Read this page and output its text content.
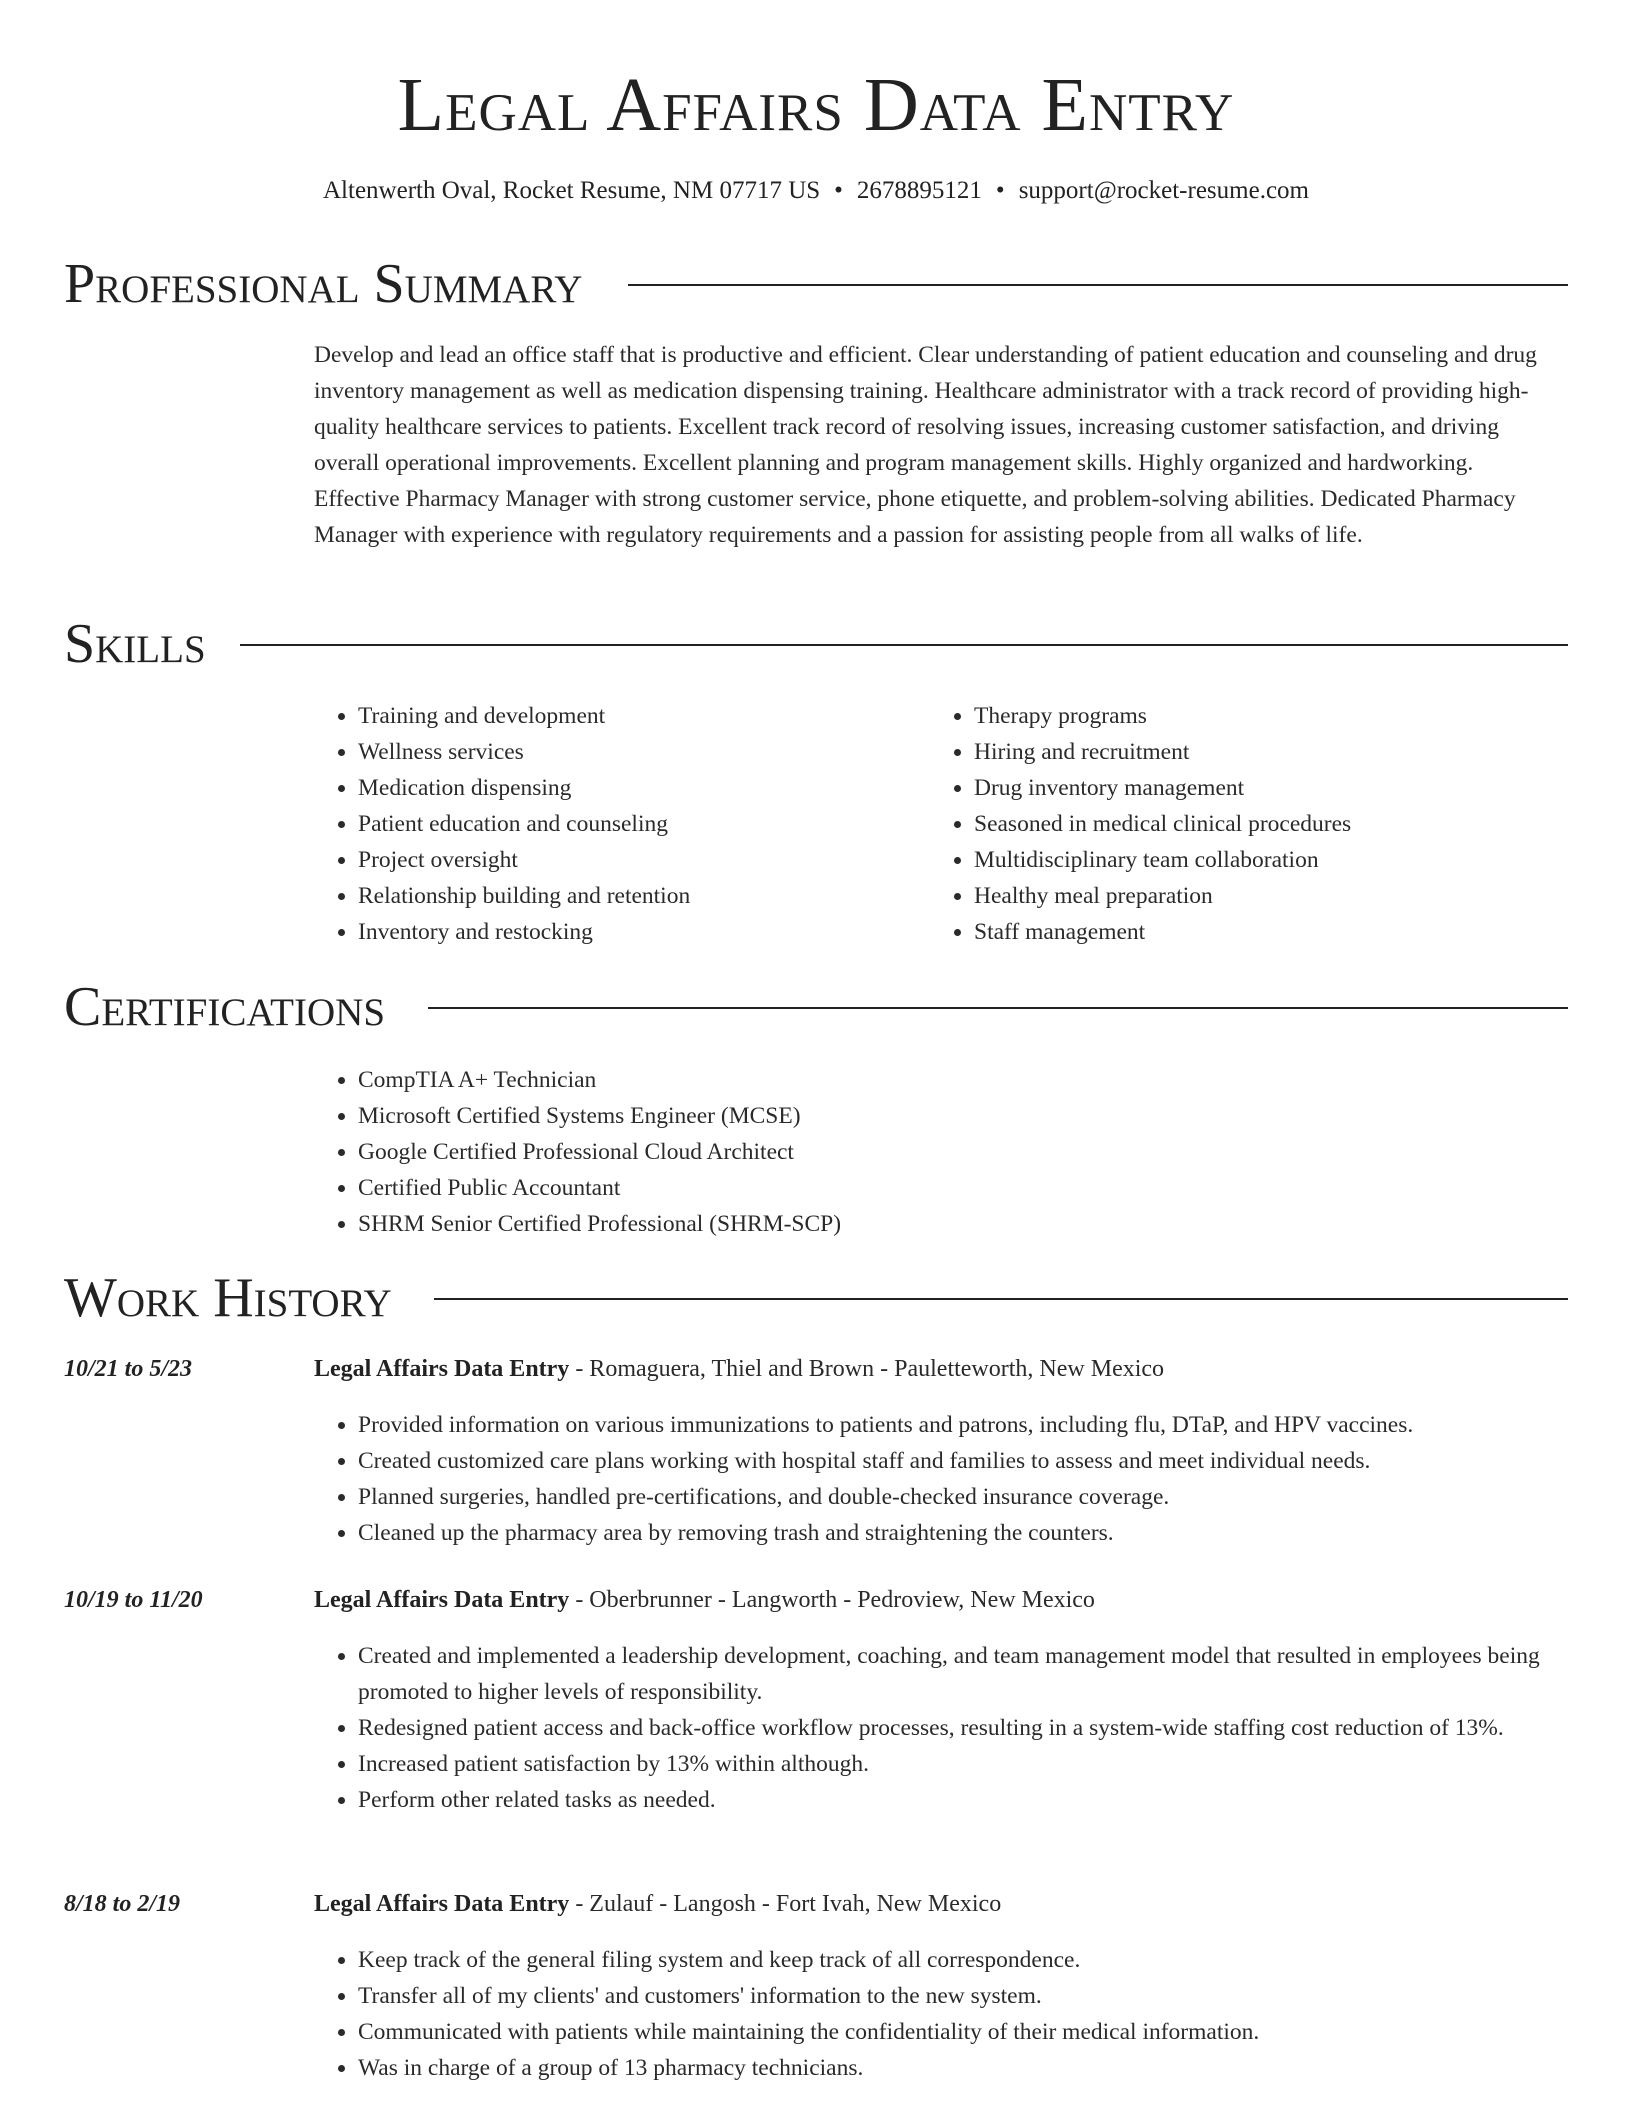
Legal Affairs Data Entry
Altenwerth Oval, Rocket Resume, NM 07717 US • 2678895121 • support@rocket-resume.com
Professional Summary
Develop and lead an office staff that is productive and efficient. Clear understanding of patient education and counseling and drug inventory management as well as medication dispensing training. Healthcare administrator with a track record of providing high-quality healthcare services to patients. Excellent track record of resolving issues, increasing customer satisfaction, and driving overall operational improvements. Excellent planning and program management skills. Highly organized and hardworking. Effective Pharmacy Manager with strong customer service, phone etiquette, and problem-solving abilities. Dedicated Pharmacy Manager with experience with regulatory requirements and a passion for assisting people from all walks of life.
Skills
• Training and development
• Wellness services
• Medication dispensing
• Patient education and counseling
• Project oversight
• Relationship building and retention
• Inventory and restocking
• Therapy programs
• Hiring and recruitment
• Drug inventory management
• Seasoned in medical clinical procedures
• Multidisciplinary team collaboration
• Healthy meal preparation
• Staff management
Certifications
• CompTIA A+ Technician
• Microsoft Certified Systems Engineer (MCSE)
• Google Certified Professional Cloud Architect
• Certified Public Accountant
• SHRM Senior Certified Professional (SHRM-SCP)
Work History
10/21 to 5/23	Legal Affairs Data Entry - Romaguera, Thiel and Brown - Pauletteworth, New Mexico
• Provided information on various immunizations to patients and patrons, including flu, DTaP, and HPV vaccines.
• Created customized care plans working with hospital staff and families to assess and meet individual needs.
• Planned surgeries, handled pre-certifications, and double-checked insurance coverage.
• Cleaned up the pharmacy area by removing trash and straightening the counters.
10/19 to 11/20	Legal Affairs Data Entry - Oberbrunner - Langworth - Pedroview, New Mexico
• Created and implemented a leadership development, coaching, and team management model that resulted in employees being promoted to higher levels of responsibility.
• Redesigned patient access and back-office workflow processes, resulting in a system-wide staffing cost reduction of 13%.
• Increased patient satisfaction by 13% within although.
• Perform other related tasks as needed.
8/18 to 2/19	Legal Affairs Data Entry - Zulauf - Langosh - Fort Ivah, New Mexico
• Keep track of the general filing system and keep track of all correspondence.
• Transfer all of my clients' and customers' information to the new system.
• Communicated with patients while maintaining the confidentiality of their medical information.
• Was in charge of a group of 13 pharmacy technicians.
